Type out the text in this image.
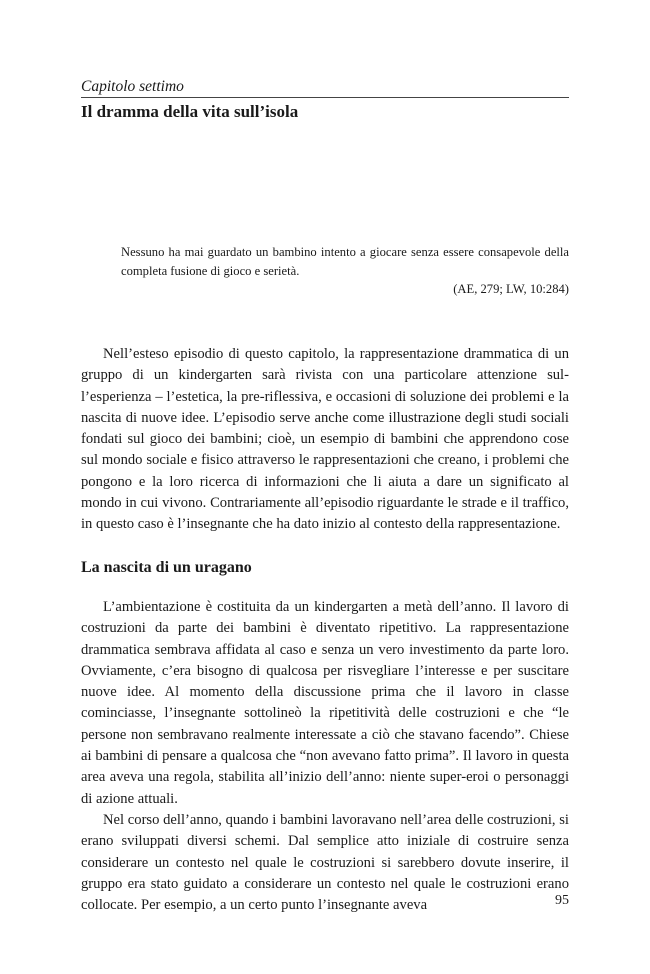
Capitolo settimo
Il dramma della vita sull’isola
Nessuno ha mai guardato un bambino intento a giocare senza essere consapevole della completa fusione di gioco e serietà.
(AE, 279; LW, 10:284)

Nell’esteso episodio di questo capitolo, la rappresentazione drammatica di un gruppo di un kindergarten sarà rivista con una particolare attenzione sull’esperienza – l’estetica, la pre-riflessiva, e occasioni di soluzione dei problemi e la nascita di nuove idee. L’episodio serve anche come illustrazione degli studi sociali fondati sul gioco dei bambini; cioè, un esempio di bambini che apprendono cose sul mondo sociale e fisico attraverso le rappresentazioni che creano, i problemi che pongono e la loro ricerca di informazioni che li aiuta a dare un significato al mondo in cui vivono. Contrariamente all’episodio riguardante le strade e il traffico, in questo caso è l’insegnante che ha dato inizio al contesto della rappresentazione.

La nascita di un uragano

L’ambientazione è costituita da un kindergarten a metà dell’anno. Il lavoro di costruzioni da parte dei bambini è diventato ripetitivo. La rappresentazione drammatica sembrava affidata al caso e senza un vero investimento da parte loro. Ovviamente, c’era bisogno di qualcosa per risvegliare l’interesse e per suscitare nuove idee. Al momento della discussione prima che il lavoro in classe cominciasse, l’insegnante sottolineò la ripetitività delle costruzioni e che “le persone non sembravano realmente interessate a ciò che stavano facendo”. Chiese ai bambini di pensare a qualcosa che “non avevano fatto prima”. Il lavoro in questa area aveva una regola, stabilita all’inizio dell’anno: niente super-eroi o personaggi di azione attuali.

Nel corso dell’anno, quando i bambini lavoravano nell’area delle costruzioni, si erano sviluppati diversi schemi. Dal semplice atto iniziale di costruire senza considerare un contesto nel quale le costruzioni si sarebbero dovute inserire, il gruppo era stato guidato a considerare un contesto nel quale le costruzioni erano collocate. Per esempio, a un certo punto l’insegnante aveva	95
